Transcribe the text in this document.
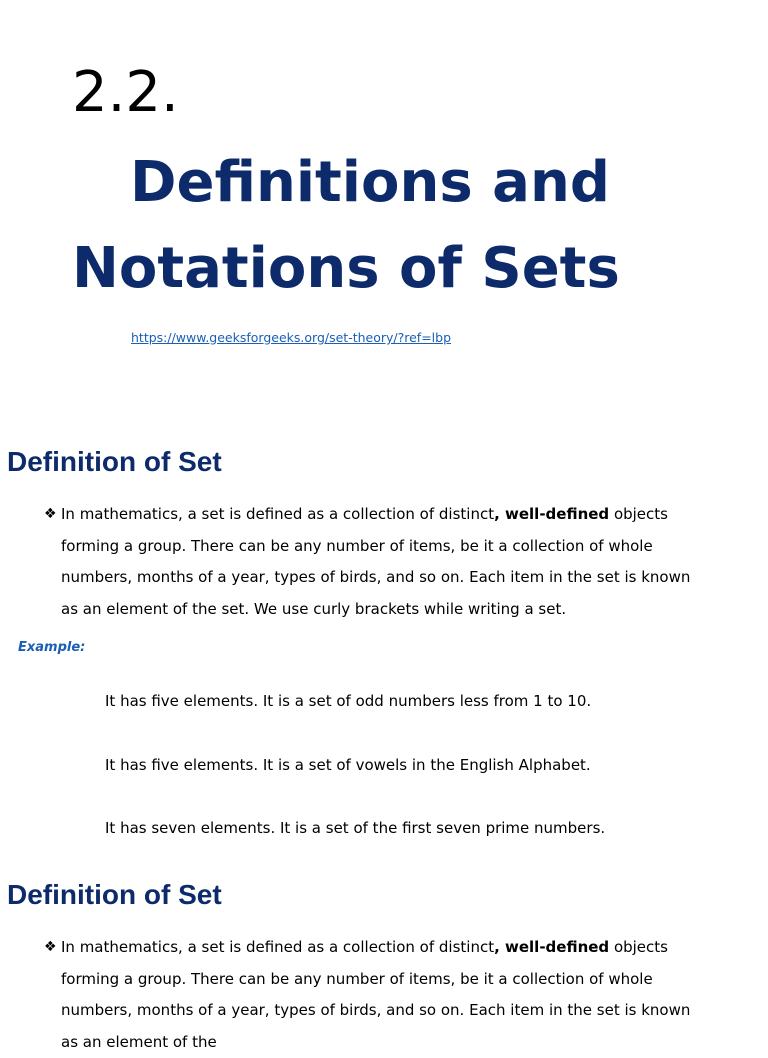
2.2.
Definitions and
Notations of Sets
https://www.geeksforgeeks.org/set-theory/?ref=lbp
Definition of Set
❖ In mathematics, a set is defined as a collection of distinct, well-defined objects forming a group. There can be any number of items, be it a collection of whole numbers, months of a year, types of birds, and so on. Each item in the set is known as an element of the set. We use curly brackets while writing a set.
Example:
It has five elements. It is a set of odd numbers less from 1 to 10.
It has five elements. It is a set of vowels in the English Alphabet.
It has seven elements. It is a set of the first seven prime numbers.
Definition of Set
❖ In mathematics, a set is defined as a collection of distinct, well-defined objects forming a group. There can be any number of items, be it a collection of whole numbers, months of a year, types of birds, and so on. Each item in the set is known as an element of the
